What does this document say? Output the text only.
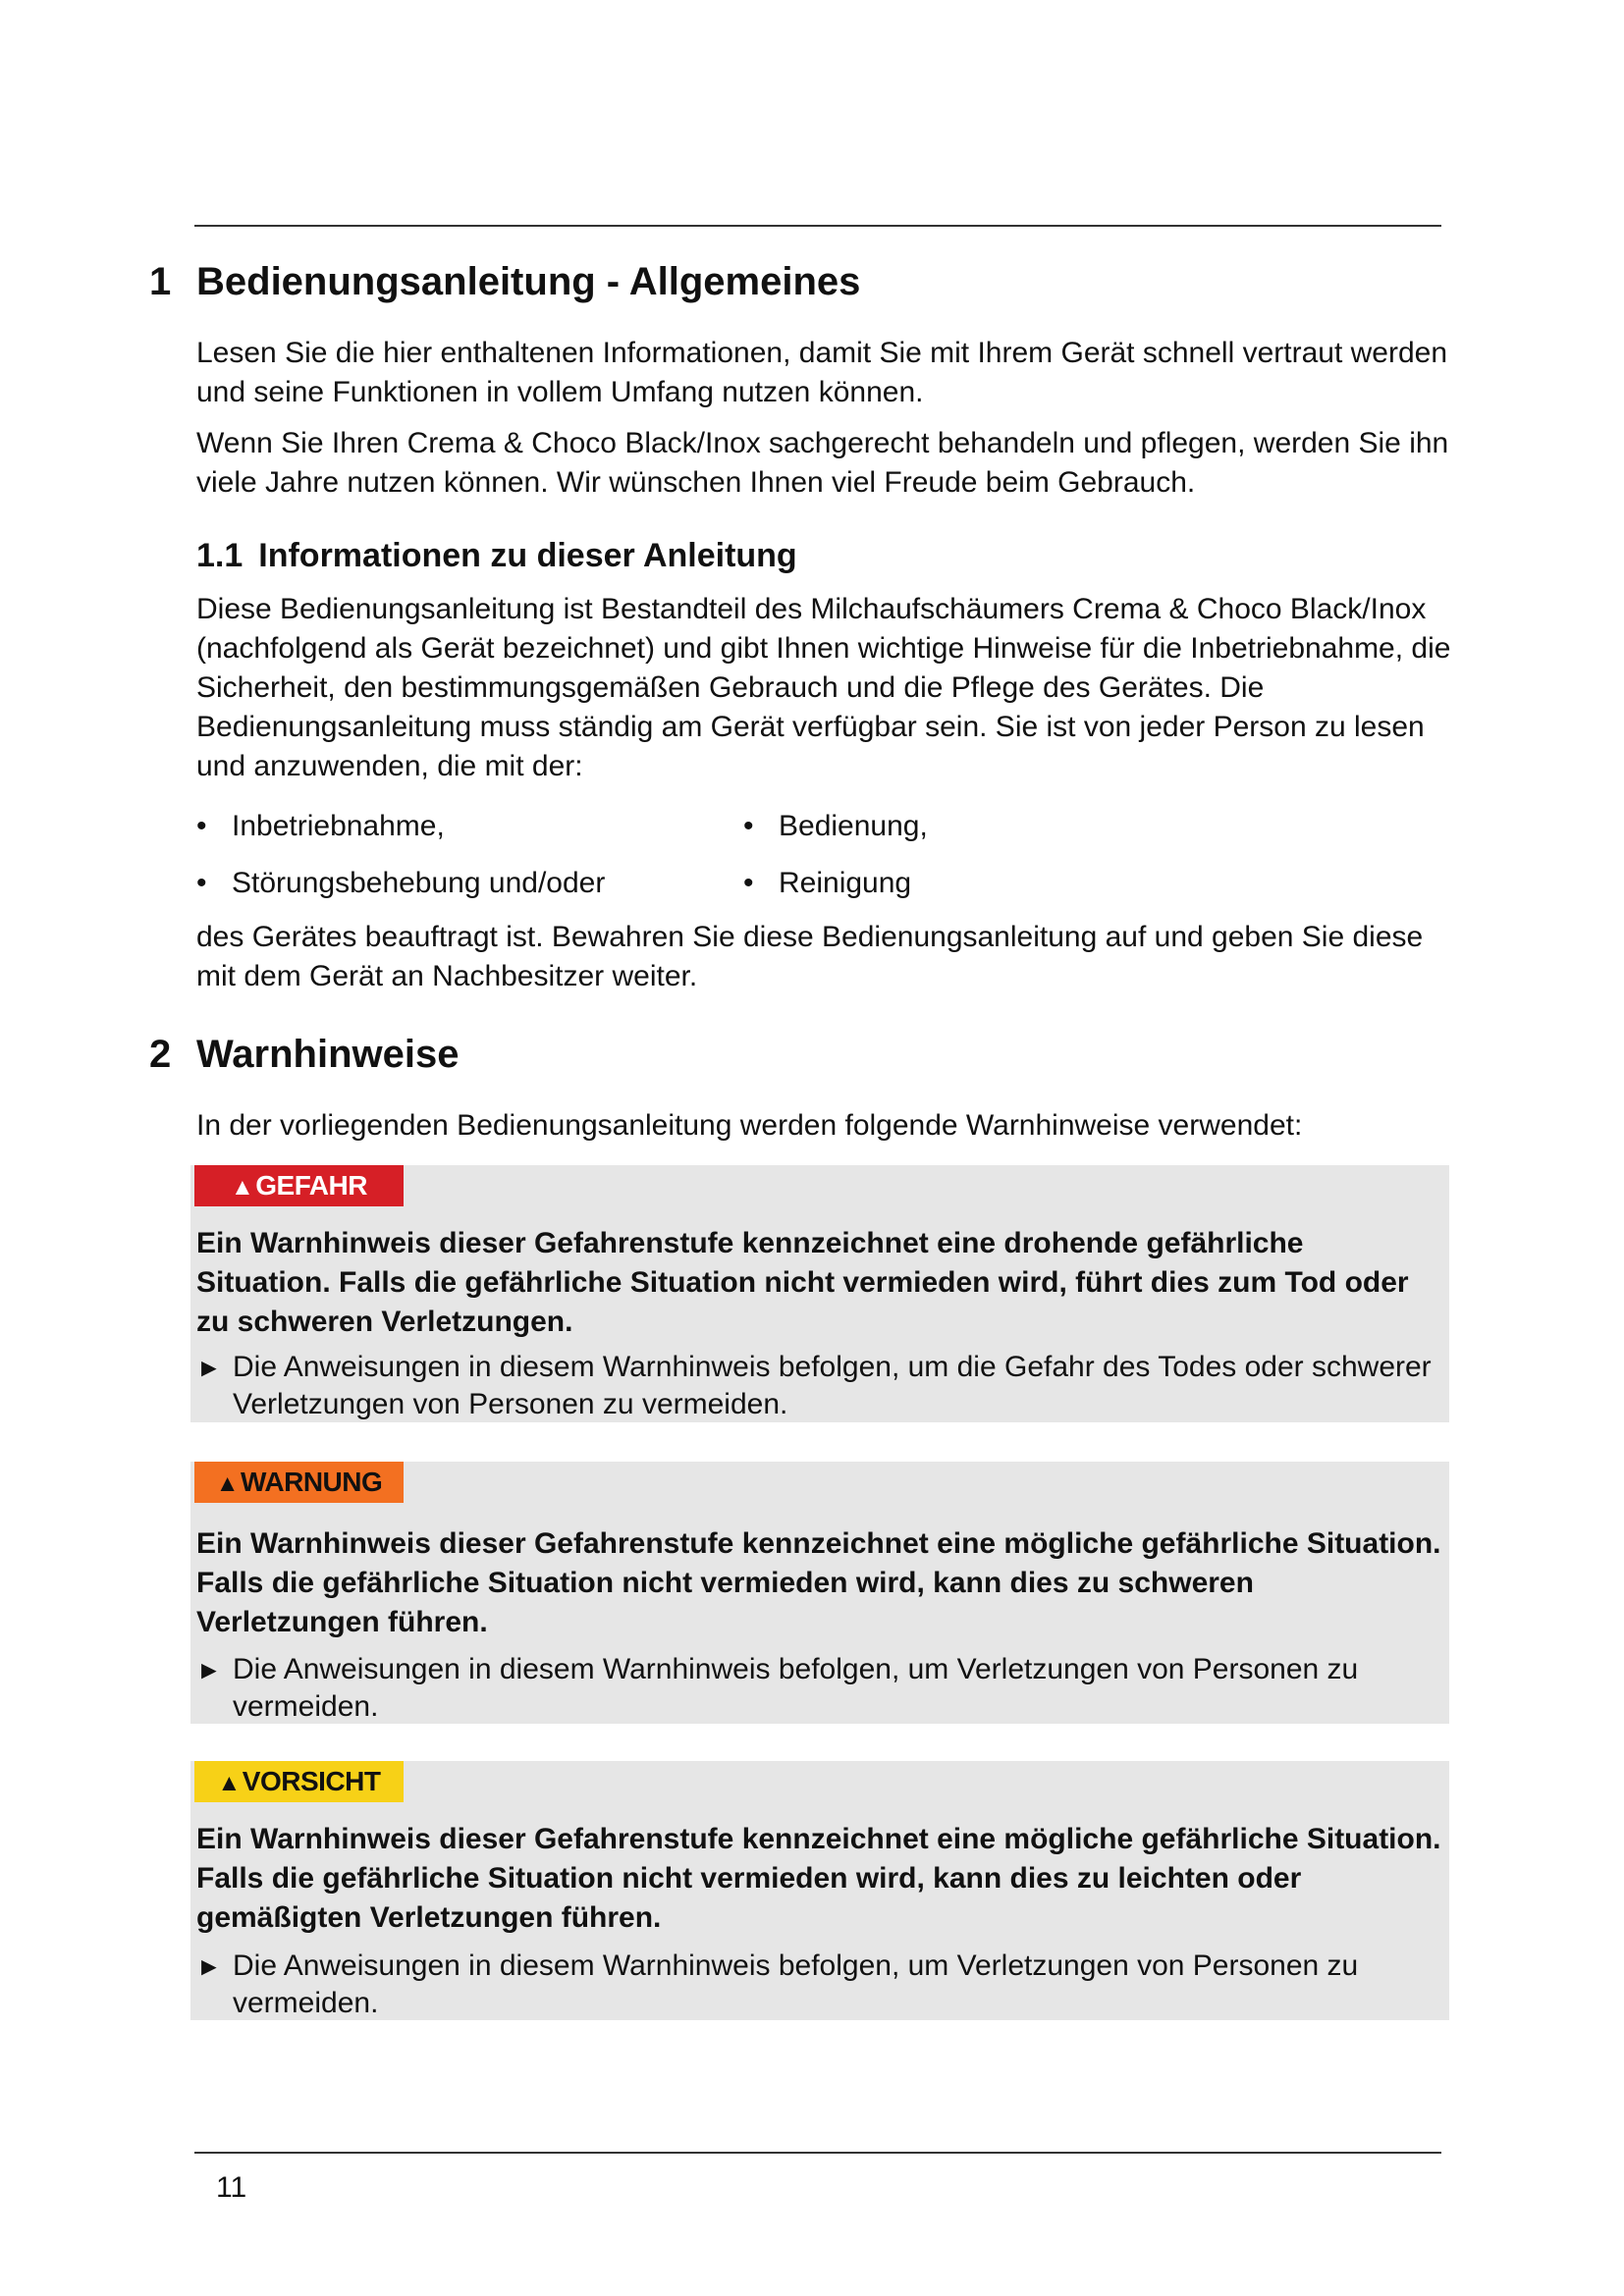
1 Bedienungsanleitung - Allgemeines

Lesen Sie die hier enthaltenen Informationen, damit Sie mit Ihrem Gerät schnell vertraut werden und seine Funktionen in vollem Umfang nutzen können.

Wenn Sie Ihren Crema & Choco Black/Inox sachgerecht behandeln und pflegen, werden Sie ihn viele Jahre nutzen können. Wir wünschen Ihnen viel Freude beim Gebrauch.

1.1 Informationen zu dieser Anleitung

Diese Bedienungsanleitung ist Bestandteil des Milchaufschäumers Crema & Choco Black/Inox (nachfolgend als Gerät bezeichnet) und gibt Ihnen wichtige Hinweise für die Inbetriebnahme, die Sicherheit, den bestimmungsgemäßen Gebrauch und die Pflege des Gerätes. Die Bedienungsanleitung muss ständig am Gerät verfügbar sein. Sie ist von jeder Person zu lesen und anzuwenden, die mit der:

• Inbetriebnahme,	• Bedienung,
• Störungsbehebung und/oder	• Reinigung

des Gerätes beauftragt ist. Bewahren Sie diese Bedienungsanleitung auf und geben Sie diese mit dem Gerät an Nachbesitzer weiter.

2 Warnhinweise

In der vorliegenden Bedienungsanleitung werden folgende Warnhinweise verwendet:

▲GEFAHR

Ein Warnhinweis dieser Gefahrenstufe kennzeichnet eine drohende gefährliche Situation. Falls die gefährliche Situation nicht vermieden wird, führt dies zum Tod oder zu schweren Verletzungen.

► Die Anweisungen in diesem Warnhinweis befolgen, um die Gefahr des Todes oder schwerer Verletzungen von Personen zu vermeiden.

▲WARNUNG

Ein Warnhinweis dieser Gefahrenstufe kennzeichnet eine mögliche gefährliche Situation. Falls die gefährliche Situation nicht vermieden wird, kann dies zu schweren Verletzungen führen.

► Die Anweisungen in diesem Warnhinweis befolgen, um Verletzungen von Personen zu vermeiden.

▲VORSICHT

Ein Warnhinweis dieser Gefahrenstufe kennzeichnet eine mögliche gefährliche Situation. Falls die gefährliche Situation nicht vermieden wird, kann dies zu leichten oder gemäßigten Verletzungen führen.

► Die Anweisungen in diesem Warnhinweis befolgen, um Verletzungen von Personen zu vermeiden.

11
